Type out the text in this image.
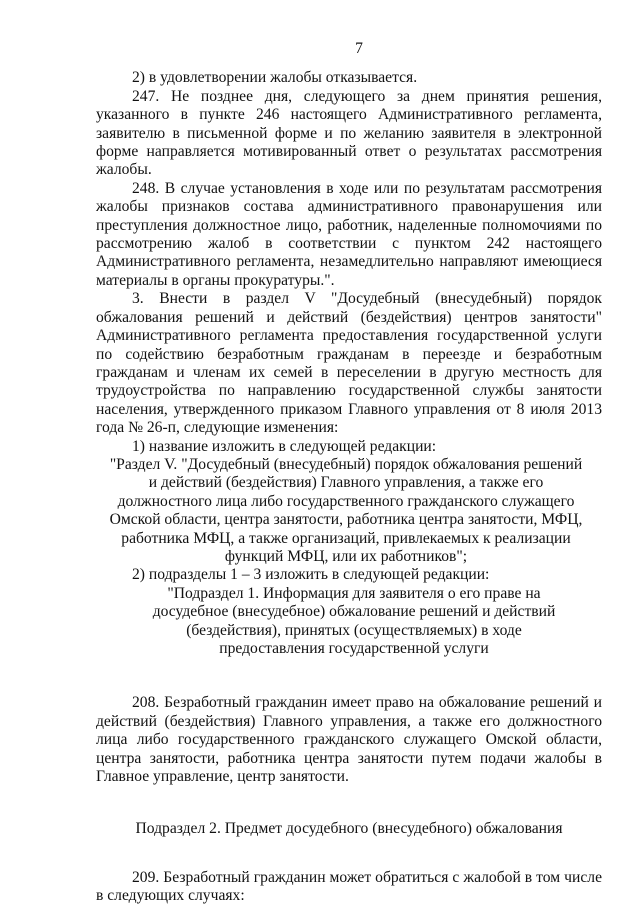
7

2) в удовлетворении жалобы отказывается.

247. Не позднее дня, следующего за днем принятия решения, указанного в пункте 246 настоящего Административного регламента, заявителю в письменной форме и по желанию заявителя в электронной форме направляется мотивированный ответ о результатах рассмотрения жалобы.

248. В случае установления в ходе или по результатам рассмотрения жалобы признаков состава административного правонарушения или преступления должностное лицо, работник, наделенные полномочиями по рассмотрению жалоб в соответствии с пунктом 242 настоящего Административного регламента, незамедлительно направляют имеющиеся материалы в органы прокуратуры.".

3. Внести в раздел V "Досудебный (внесудебный) порядок обжалования решений и действий (бездействия) центров занятости" Административного регламента предоставления государственной услуги по содействию безработным гражданам в переезде и безработным гражданам и членам их семей в переселении в другую местность для трудоустройства по направлению государственной службы занятости населения, утвержденного приказом Главного управления от 8 июля 2013 года № 26-п, следующие изменения:

1) название изложить в следующей редакции:

"Раздел V. "Досудебный (внесудебный) порядок обжалования решений и действий (бездействия) Главного управления, а также его должностного лица либо государственного гражданского служащего Омской области, центра занятости, работника центра занятости, МФЦ, работника МФЦ, а также организаций, привлекаемых к реализации функций МФЦ, или их работников";

2) подразделы 1 – 3 изложить в следующей редакции:

"Подраздел 1. Информация для заявителя о его праве на досудебное (внесудебное) обжалование решений и действий (бездействия), принятых (осуществляемых) в ходе предоставления государственной услуги

208. Безработный гражданин имеет право на обжалование решений и действий (бездействия) Главного управления, а также его должностного лица либо государственного гражданского служащего Омской области, центра занятости, работника центра занятости путем подачи жалобы в Главное управление, центр занятости.

Подраздел 2. Предмет досудебного (внесудебного) обжалования

209. Безработный гражданин может обратиться с жалобой в том числе в следующих случаях:
